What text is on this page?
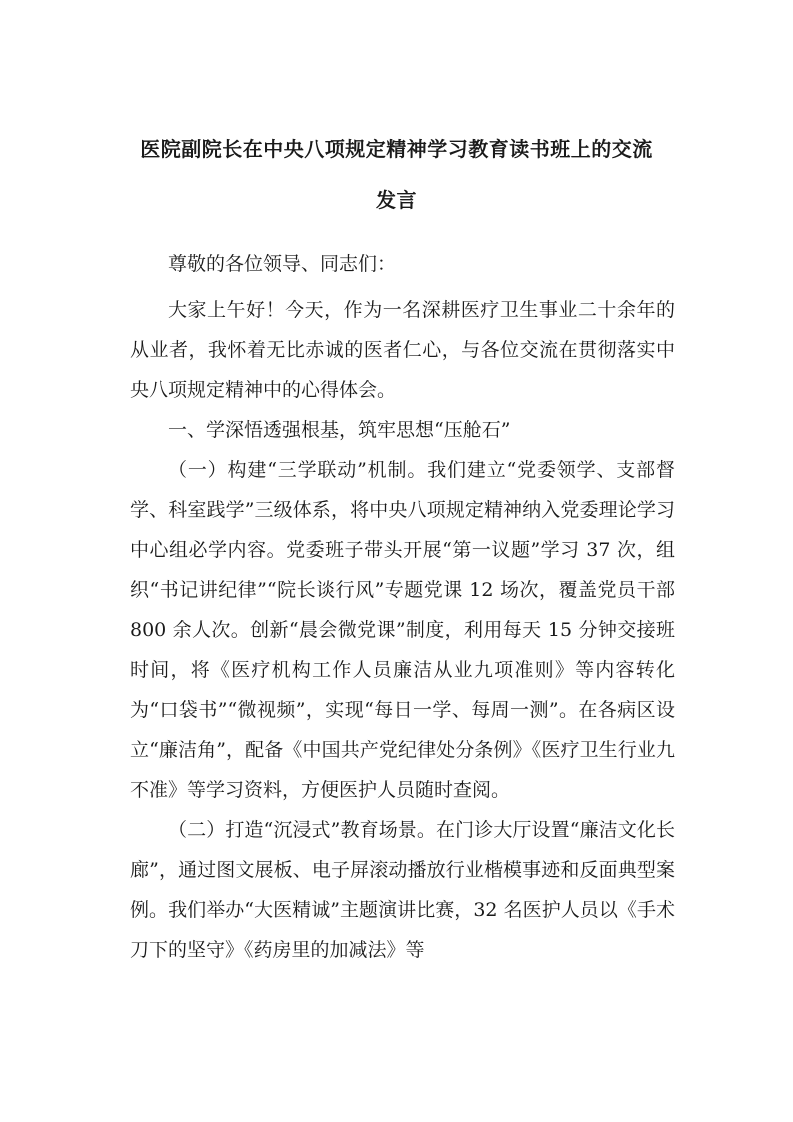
医院副院长在中央八项规定精神学习教育读书班上的交流
发言

尊敬的各位领导、同志们：

大家上午好！今天，作为一名深耕医疗卫生事业二十余年的从业者，我怀着无比赤诚的医者仁心，与各位交流在贯彻落实中央八项规定精神中的心得体会。

一、学深悟透强根基，筑牢思想“压舱石”

（一）构建“三学联动”机制。我们建立“党委领学、支部督学、科室践学”三级体系，将中央八项规定精神纳入党委理论学习中心组必学内容。党委班子带头开展“第一议题”学习 37 次，组织“书记讲纪律”“院长谈行风”专题党课 12 场次，覆盖党员干部 800 余人次。创新“晨会微党课”制度，利用每天 15 分钟交接班时间，将《医疗机构工作人员廉洁从业九项准则》等内容转化为“口袋书”“微视频”，实现“每日一学、每周一测”。在各病区设立“廉洁角”，配备《中国共产党纪律处分条例》《医疗卫生行业九不准》等学习资料，方便医护人员随时查阅。

（二）打造“沉浸式”教育场景。在门诊大厅设置“廉洁文化长廊”，通过图文展板、电子屏滚动播放行业楷模事迹和反面典型案例。我们举办“大医精诚”主题演讲比赛，32 名医护人员以《手术刀下的坚守》《药房里的加减法》等
